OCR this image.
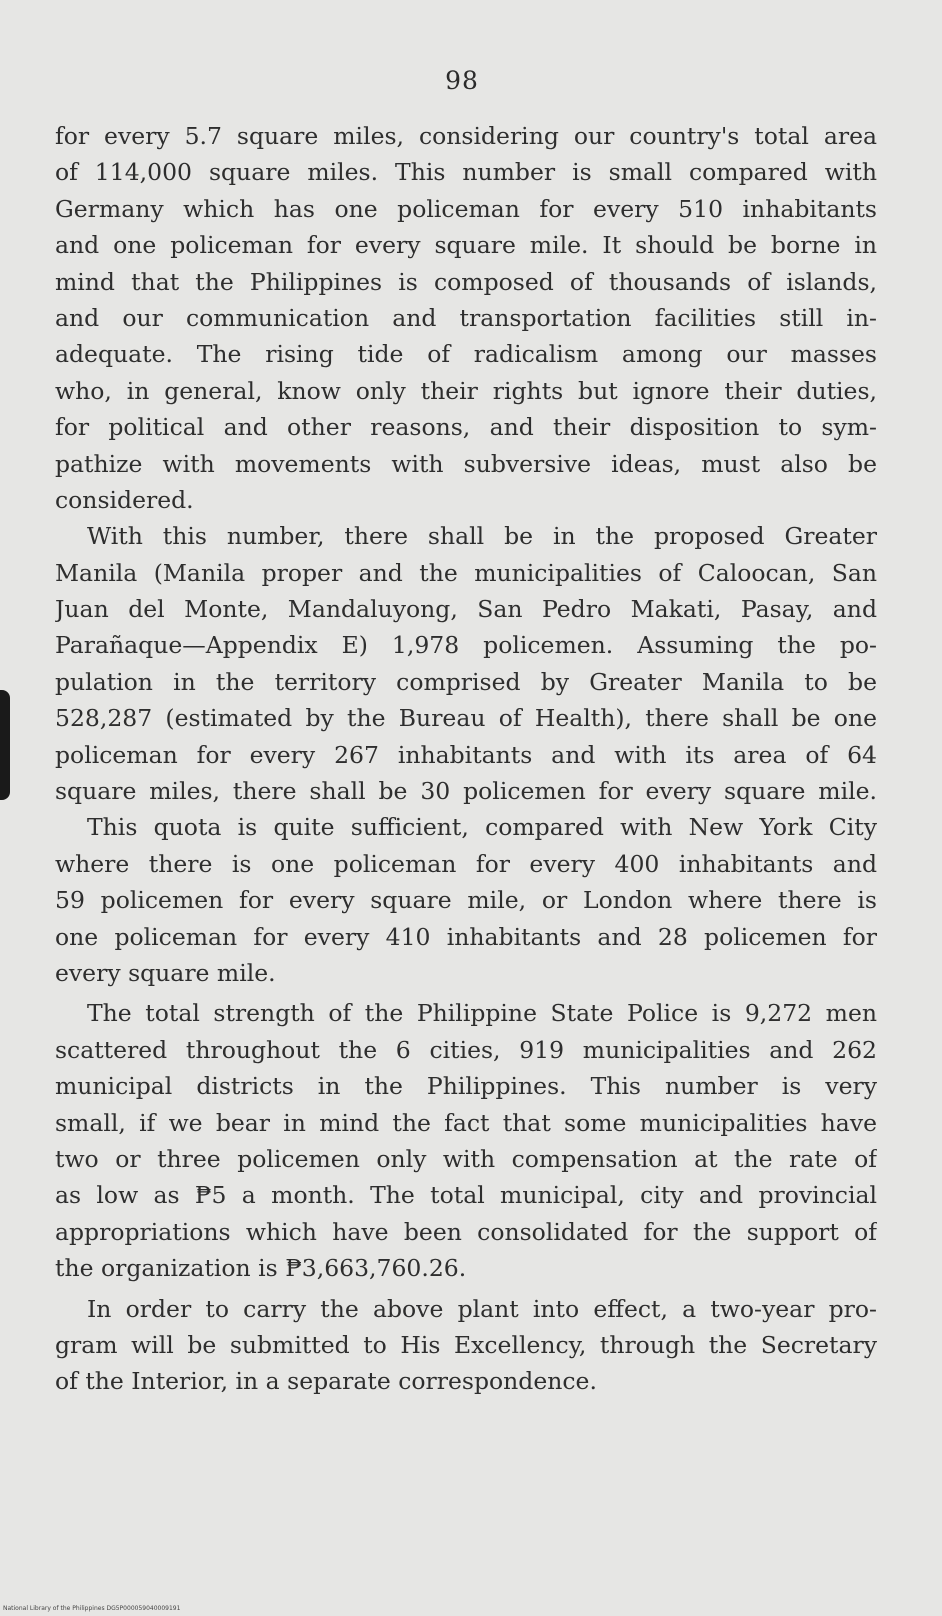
98
for every 5.7 square miles, considering our country's total area
of 114,000 square miles. This number is small compared with
Germany which has one policeman for every 510 inhabitants
and one policeman for every square mile. It should be borne in
mind that the Philippines is composed of thousands of islands,
and our communication and transportation facilities still in-
adequate. The rising tide of radicalism among our masses
who, in general, know only their rights but ignore their duties,
for political and other reasons, and their disposition to sym-
pathize with movements with subversive ideas, must also be
considered.
With this number, there shall be in the proposed Greater
Manila (Manila proper and the municipalities of Caloocan, San
Juan del Monte, Mandaluyong, San Pedro Makati, Pasay, and
Parañaque—Appendix E) 1,978 policemen. Assuming the po-
pulation in the territory comprised by Greater Manila to be
528,287 (estimated by the Bureau of Health), there shall be one
policeman for every 267 inhabitants and with its area of 64
square miles, there shall be 30 policemen for every square mile.
This quota is quite sufficient, compared with New York City
where there is one policeman for every 400 inhabitants and
59 policemen for every square mile, or London where there is
one policeman for every 410 inhabitants and 28 policemen for
every square mile.
The total strength of the Philippine State Police is 9,272 men
scattered throughout the 6 cities, 919 municipalities and 262
municipal districts in the Philippines. This number is very
small, if we bear in mind the fact that some municipalities have
two or three policemen only with compensation at the rate of
as low as ₱5 a month. The total municipal, city and provincial
appropriations which have been consolidated for the support of
the organization is ₱3,663,760.26.
In order to carry the above plant into effect, a two-year pro-
gram will be submitted to His Excellency, through the Secretary
of the Interior, in a separate correspondence.
National Library of the Philippines DG5P000059040009191
